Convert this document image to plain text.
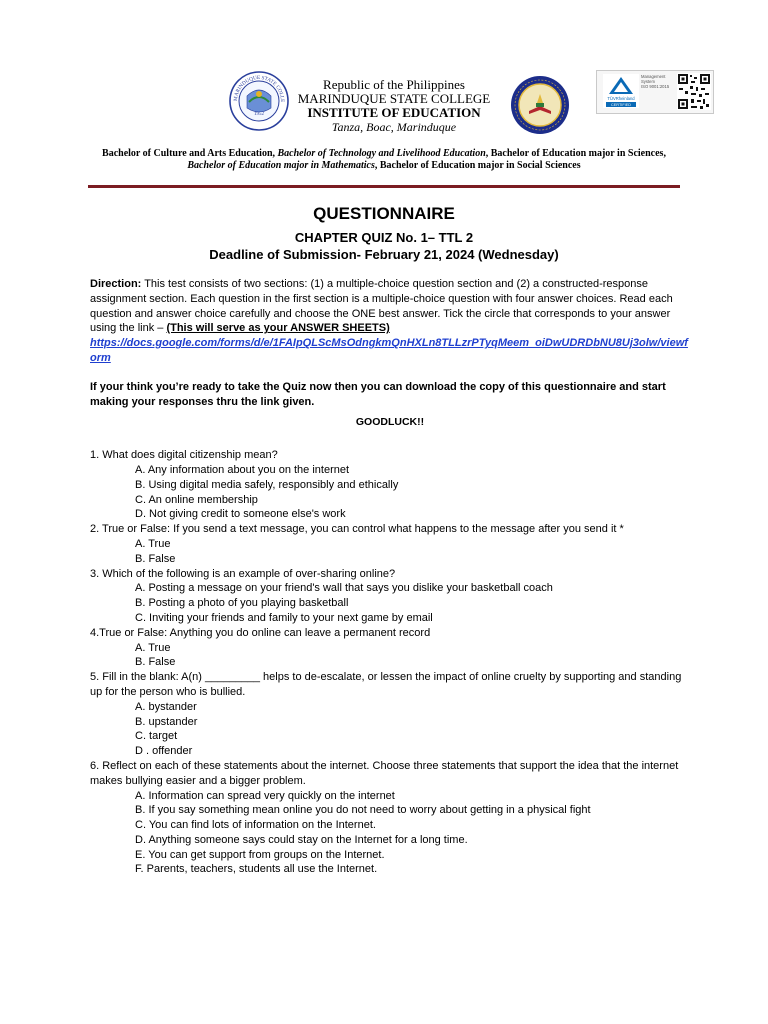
MARINDUQUE STATE COLLE
1952
Republic of the Philippines
MARINDUQUE STATE COLLEGE
INSTITUTE OF EDUCATION
Tanza, Boac, Marinduque
TÜVRheinland
CERTIFIED
Management
System
ISO 9001:2015
Bachelor of Culture and Arts Education, Bachelor of Technology and Livelihood Education, Bachelor of Education major in Sciences, Bachelor of Education major in Mathematics, Bachelor of Education major in Social Sciences
QUESTIONNAIRE
CHAPTER QUIZ No. 1– TTL 2
Deadline of Submission- February 21, 2024 (Wednesday)

Direction: This test consists of two sections: (1) a multiple-choice question section and (2) a constructed-response assignment section. Each question in the first section is a multiple-choice question with four answer choices. Read each question and answer choice carefully and choose the ONE best answer. Tick the circle that corresponds to your answer using the link – (This will serve as your ANSWER SHEETS)

https://docs.google.com/forms/d/e/1FAIpQLScMsOdngkmQnHXLn8TLLzrPTyqMeem_oiDwUDRDbNU8Uj3olw/viewform

If your think you’re ready to take the Quiz now then you can download the copy of this questionnaire and start making your responses thru the link given.

GOODLUCK!!

1. What does digital citizenship mean?

A. Any information about you on the internet

B. Using digital media safely, responsibly and ethically

C. An online membership

D. Not giving credit to someone else's work

2. True or False: If you send a text message, you can control what happens to the message after you send it *

A. True

B. False

3. Which of the following is an example of over-sharing online?

A. Posting a message on your friend's wall that says you dislike your basketball coach

B. Posting a photo of you playing basketball

C. Inviting your friends and family to your next game by email

4.True or False: Anything you do online can leave a permanent record

A. True

B. False

5. Fill in the blank: A(n) _________ helps to de-escalate, or lessen the impact of online cruelty by supporting and standing up for the person who is bullied.

A. bystander

B. upstander

C. target

D . offender

6. Reflect on each of these statements about the internet. Choose three statements that support the idea that the internet makes bullying easier and a bigger problem.

A. Information can spread very quickly on the internet

B. If you say something mean online you do not need to worry about getting in a physical fight

C. You can find lots of information on the Internet.

D. Anything someone says could stay on the Internet for a long time.

E. You can get support from groups on the Internet.

F. Parents, teachers, students all use the Internet.
